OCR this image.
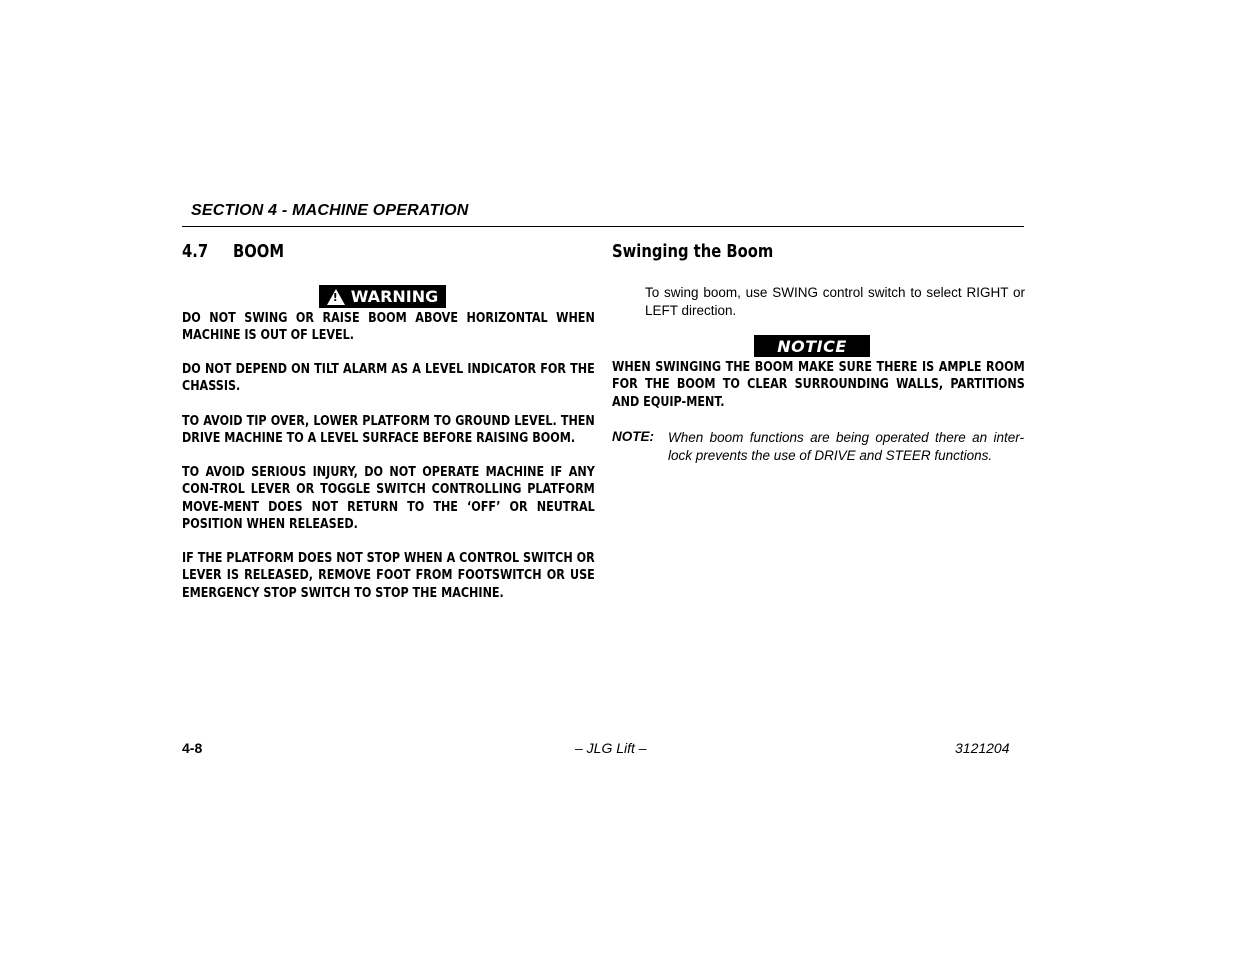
SECTION 4 - MACHINE OPERATION
4.7 BOOM
!
WARNING
DO NOT SWING OR RAISE BOOM ABOVE HORIZONTAL WHEN MACHINE IS OUT OF LEVEL.
DO NOT DEPEND ON TILT ALARM AS A LEVEL INDICATOR FOR THE CHASSIS.
TO AVOID TIP OVER, LOWER PLATFORM TO GROUND LEVEL. THEN DRIVE MACHINE TO A LEVEL SURFACE BEFORE RAISING BOOM.
TO AVOID SERIOUS INJURY, DO NOT OPERATE MACHINE IF ANY CON-TROL LEVER OR TOGGLE SWITCH CONTROLLING PLATFORM MOVE-MENT DOES NOT RETURN TO THE ‘OFF’ OR NEUTRAL POSITION WHEN RELEASED.
IF THE PLATFORM DOES NOT STOP WHEN A CONTROL SWITCH OR LEVER IS RELEASED, REMOVE FOOT FROM FOOTSWITCH OR USE EMERGENCY STOP SWITCH TO STOP THE MACHINE.
Swinging the Boom
To swing boom, use SWING control switch to select RIGHT or LEFT direction.
NOTICE
WHEN SWINGING THE BOOM MAKE SURE THERE IS AMPLE ROOM FOR THE BOOM TO CLEAR SURROUNDING WALLS, PARTITIONS AND EQUIP-MENT.
NOTE: When boom functions are being operated there an inter-lock prevents the use of DRIVE and STEER functions.
4-8	– JLG Lift –	3121204
